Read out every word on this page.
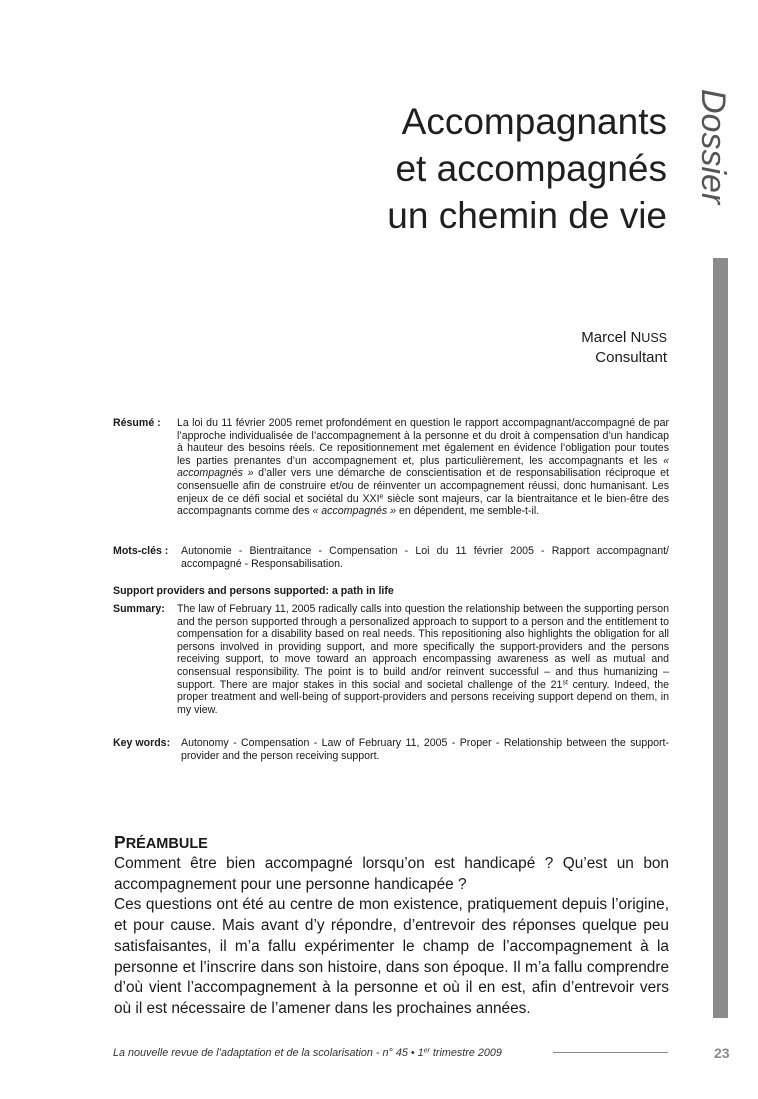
Dossier
Accompagnants
et accompagnés
un chemin de vie
Marcel NUSS
Consultant
Résumé : La loi du 11 février 2005 remet profondément en question le rapport accompagnant/accompagné de par l’approche individualisée de l’accompagnement à la personne et du droit à compensation d’un handicap à hauteur des besoins réels. Ce repositionnement met également en évidence l’obligation pour toutes les parties prenantes d’un accompagnement et, plus particulièrement, les accompagnants et les « accompagnés » d’aller vers une démarche de conscientisation et de responsabilisation réciproque et consensuelle afin de construire et/ou de réinventer un accompagnement réussi, donc humanisant. Les enjeux de ce défi social et sociétal du XXIe siècle sont majeurs, car la bientraitance et le bien-être des accompagnants comme des « accompagnés » en dépendent, me semble-t-il.

Mots-clés : Autonomie - Bientraitance - Compensation - Loi du 11 février 2005 - Rapport accompagnant/ accompagné - Responsabilisation.

Support providers and persons supported: a path in life
Summary: The law of February 11, 2005 radically calls into question the relationship between the supporting person and the person supported through a personalized approach to support to a person and the entitlement to compensation for a disability based on real needs. This repositioning also highlights the obligation for all persons involved in providing support, and more specifically the support-providers and the persons receiving support, to move toward an approach encompassing awareness as well as mutual and consensual responsibility. The point is to build and/or reinvent successful – and thus humanizing – support. There are major stakes in this social and societal challenge of the 21st century. Indeed, the proper treatment and well-being of support-providers and persons receiving support depend on them, in my view.

Key words: Autonomy - Compensation - Law of February 11, 2005 - Proper - Relationship between the support-provider and the person receiving support.

PRÉAMBULE

Comment être bien accompagné lorsqu’on est handicapé ? Qu’est un bon accompagnement pour une personne handicapée ?

Ces questions ont été au centre de mon existence, pratiquement depuis l’origine, et pour cause. Mais avant d’y répondre, d’entrevoir des réponses quelque peu satisfaisantes, il m’a fallu expérimenter le champ de l’accompagnement à la personne et l’inscrire dans son histoire, dans son époque. Il m’a fallu comprendre d’où vient l’accompagnement à la personne et où il en est, afin d’entrevoir vers où il est nécessaire de l’amener dans les prochaines années.

La nouvelle revue de l’adaptation et de la scolarisation - n° 45 • 1er trimestre 2009	23
